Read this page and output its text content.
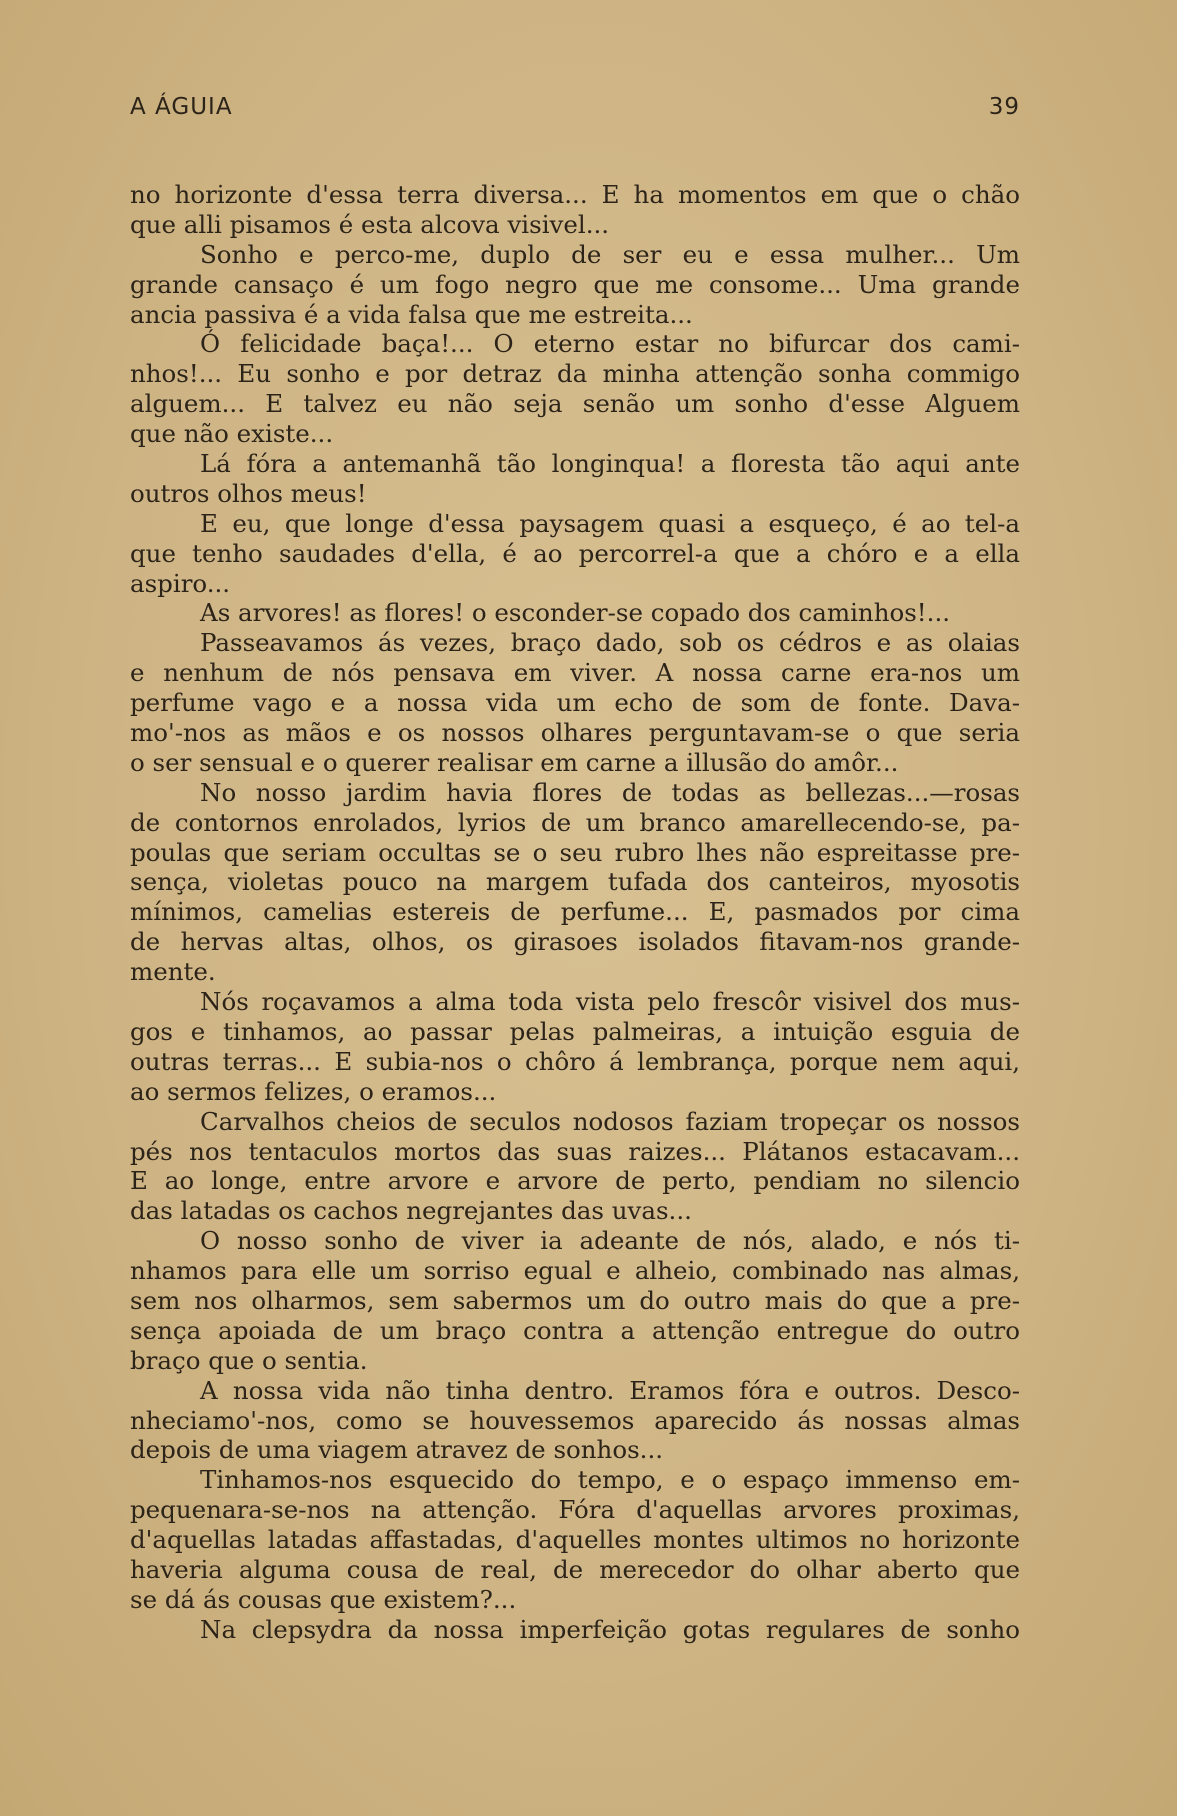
A ÁGUIA	39
no horizonte d'essa terra diversa... E ha momentos em que o chão
que alli pisamos é esta alcova visivel...
Sonho e perco-me, duplo de ser eu e essa mulher... Um
grande cansaço é um fogo negro que me consome... Uma grande
ancia passiva é a vida falsa que me estreita...
Ó felicidade baça!... O eterno estar no bifurcar dos cami-
nhos!... Eu sonho e por detraz da minha attenção sonha commigo
alguem... E talvez eu não seja senão um sonho d'esse Alguem
que não existe...
Lá fóra a antemanhã tão longinqua! a floresta tão aqui ante
outros olhos meus!
E eu, que longe d'essa paysagem quasi a esqueço, é ao tel-a
que tenho saudades d'ella, é ao percorrel-a que a chóro e a ella
aspiro...
As arvores! as flores! o esconder-se copado dos caminhos!...
Passeavamos ás vezes, braço dado, sob os cédros e as olaias
e nenhum de nós pensava em viver. A nossa carne era-nos um
perfume vago e a nossa vida um echo de som de fonte. Dava-
mo'-nos as mãos e os nossos olhares perguntavam-se o que seria
o ser sensual e o querer realisar em carne a illusão do amôr...
No nosso jardim havia flores de todas as bellezas...—rosas
de contornos enrolados, lyrios de um branco amarellecendo-se, pa-
poulas que seriam occultas se o seu rubro lhes não espreitasse pre-
sença, violetas pouco na margem tufada dos canteiros, myosotis
mínimos, camelias estereis de perfume... E, pasmados por cima
de hervas altas, olhos, os girasoes isolados fitavam-nos grande-
mente.
Nós roçavamos a alma toda vista pelo frescôr visivel dos mus-
gos e tinhamos, ao passar pelas palmeiras, a intuição esguia de
outras terras... E subia-nos o chôro á lembrança, porque nem aqui,
ao sermos felizes, o eramos...
Carvalhos cheios de seculos nodosos faziam tropeçar os nossos
pés nos tentaculos mortos das suas raizes... Plátanos estacavam...
E ao longe, entre arvore e arvore de perto, pendiam no silencio
das latadas os cachos negrejantes das uvas...
O nosso sonho de viver ia adeante de nós, alado, e nós ti-
nhamos para elle um sorriso egual e alheio, combinado nas almas,
sem nos olharmos, sem sabermos um do outro mais do que a pre-
sença apoiada de um braço contra a attenção entregue do outro
braço que o sentia.
A nossa vida não tinha dentro. Eramos fóra e outros. Desco-
nheciamo'-nos, como se houvessemos aparecido ás nossas almas
depois de uma viagem atravez de sonhos...
Tinhamos-nos esquecido do tempo, e o espaço immenso em-
pequenara-se-nos na attenção. Fóra d'aquellas arvores proximas,
d'aquellas latadas affastadas, d'aquelles montes ultimos no horizonte
haveria alguma cousa de real, de merecedor do olhar aberto que
se dá ás cousas que existem?...
Na clepsydra da nossa imperfeição gotas regulares de sonho
